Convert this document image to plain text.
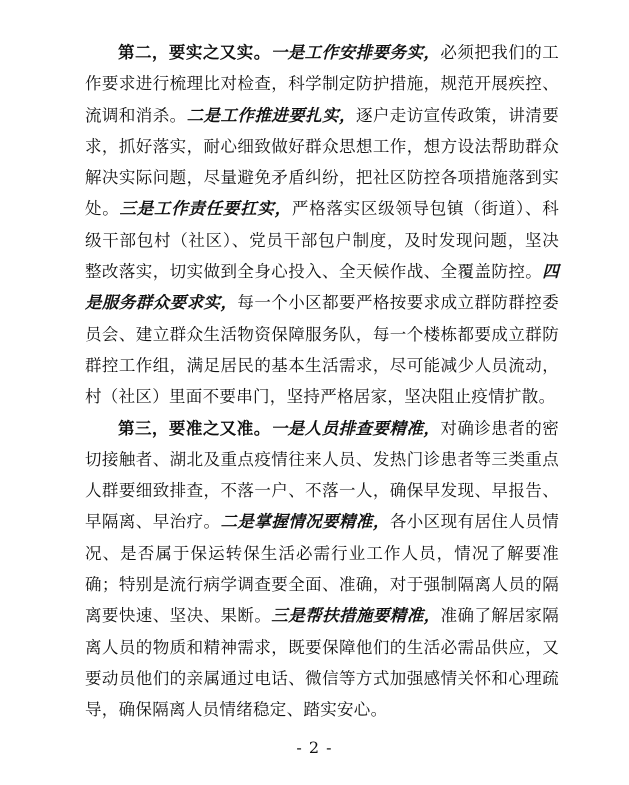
第二，要实之又实。一是工作安排要务实，必须把我们的工作要求进行梳理比对检查，科学制定防护措施，规范开展疾控、流调和消杀。二是工作推进要扎实，逐户走访宣传政策，讲清要求，抓好落实，耐心细致做好群众思想工作，想方设法帮助群众解决实际问题，尽量避免矛盾纠纷，把社区防控各项措施落到实处。三是工作责任要扛实，严格落实区级领导包镇（街道）、科级干部包村（社区）、党员干部包户制度，及时发现问题，坚决整改落实，切实做到全身心投入、全天候作战、全覆盖防控。四是服务群众要求实，每一个小区都要严格按要求成立群防群控委员会、建立群众生活物资保障服务队，每一个楼栋都要成立群防群控工作组，满足居民的基本生活需求，尽可能减少人员流动，村（社区）里面不要串门，坚持严格居家，坚决阻止疫情扩散。

第三，要准之又准。一是人员排查要精准，对确诊患者的密切接触者、湖北及重点疫情往来人员、发热门诊患者等三类重点人群要细致排查，不落一户、不落一人，确保早发现、早报告、早隔离、早治疗。二是掌握情况要精准，各小区现有居住人员情况、是否属于保运转保生活必需行业工作人员，情况了解要准确；特别是流行病学调查要全面、准确，对于强制隔离人员的隔离要快速、坚决、果断。三是帮扶措施要精准，准确了解居家隔离人员的物质和精神需求，既要保障他们的生活必需品供应，又要动员他们的亲属通过电话、微信等方式加强感情关怀和心理疏导，确保隔离人员情绪稳定、踏实安心。

- 2 -
